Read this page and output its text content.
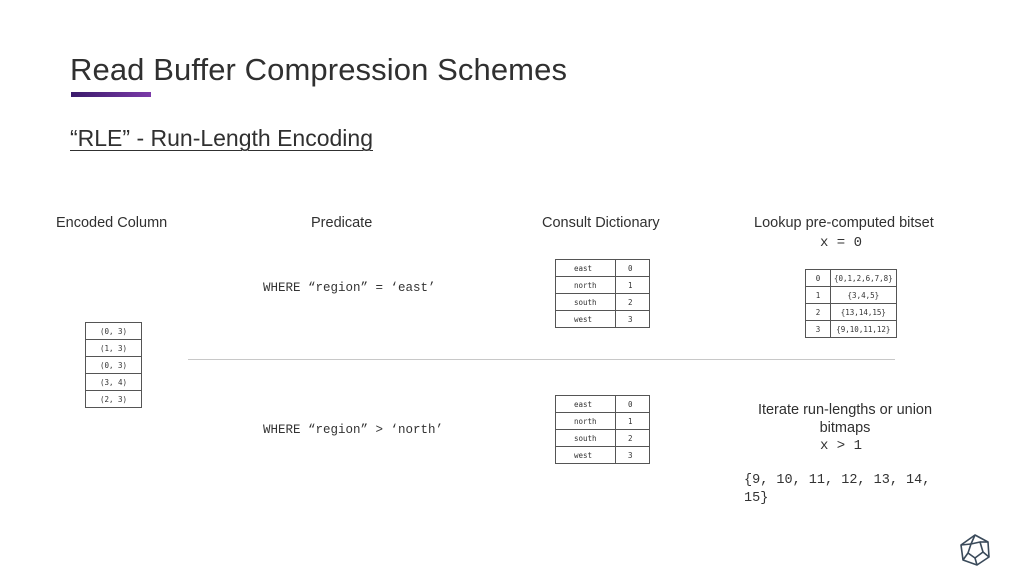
Read Buffer Compression Schemes
“RLE” - Run-Length Encoding
Encoded Column	Predicate	Consult Dictionary	Lookup pre-computed bitset
x = 0
(0, 3)
(1, 3)
(0, 3)
(3, 4)
(2, 3)
WHERE “region” = ‘east’
WHERE “region” > ‘north’
east	0
north	1
south	2
west	3
0	{0,1,2,6,7,8}
1	{3,4,5}
2	{13,14,15}
3	{9,10,11,12}
east	0
north	1
south	2
west	3
Iterate run-lengths or union bitmaps
x > 1
{9, 10, 11, 12, 13, 14, 15}
